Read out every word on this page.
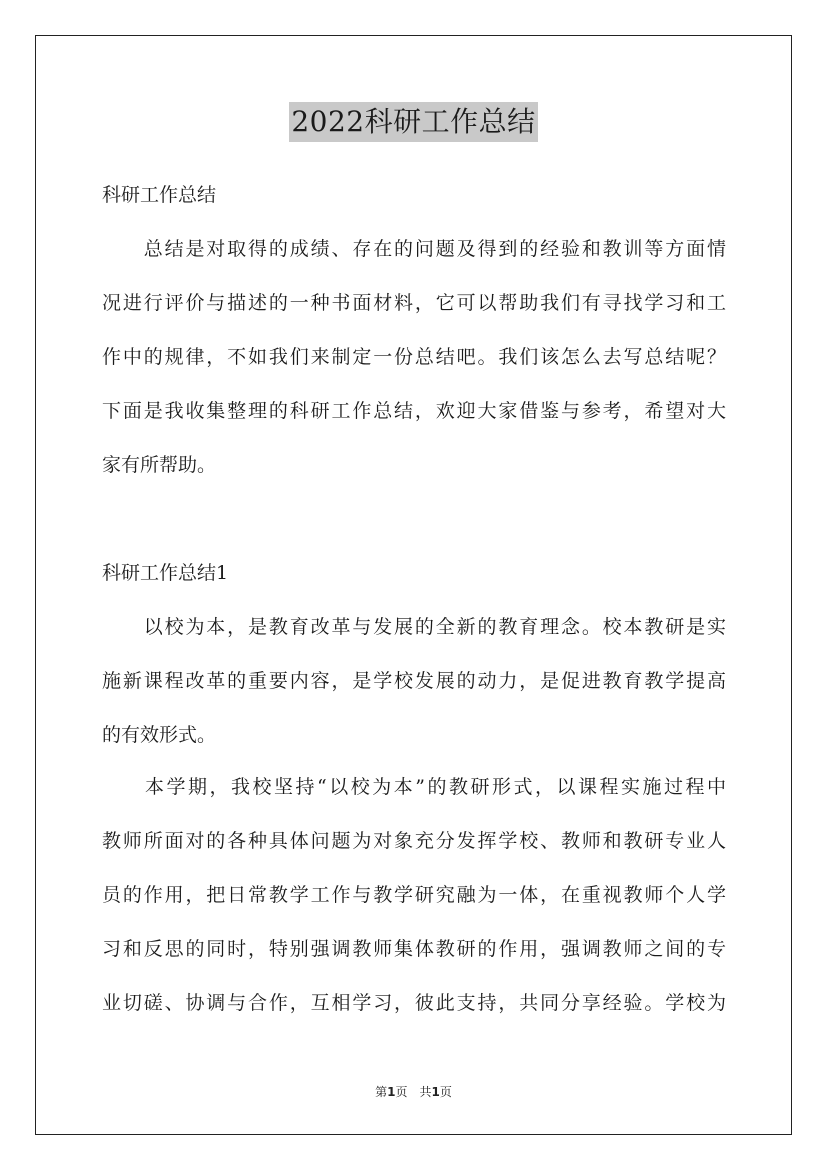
2022科研工作总结

科研工作总结

　　总结是对取得的成绩、存在的问题及得到的经验和教训等方面情
况进行评价与描述的一种书面材料，它可以帮助我们有寻找学习和工
作中的规律，不如我们来制定一份总结吧。我们该怎么去写总结呢？
下面是我收集整理的科研工作总结，欢迎大家借鉴与参考，希望对大
家有所帮助。

科研工作总结1

　　以校为本，是教育改革与发展的全新的教育理念。校本教研是实
施新课程改革的重要内容，是学校发展的动力，是促进教育教学提高
的有效形式。
　　本学期，我校坚持“以校为本”的教研形式，以课程实施过程中
教师所面对的各种具体问题为对象充分发挥学校、教师和教研专业人
员的作用，把日常教学工作与教学研究融为一体，在重视教师个人学
习和反思的同时，特别强调教师集体教研的作用，强调教师之间的专
业切磋、协调与合作，互相学习，彼此支持，共同分享经验。学校为
第1页　共1页
